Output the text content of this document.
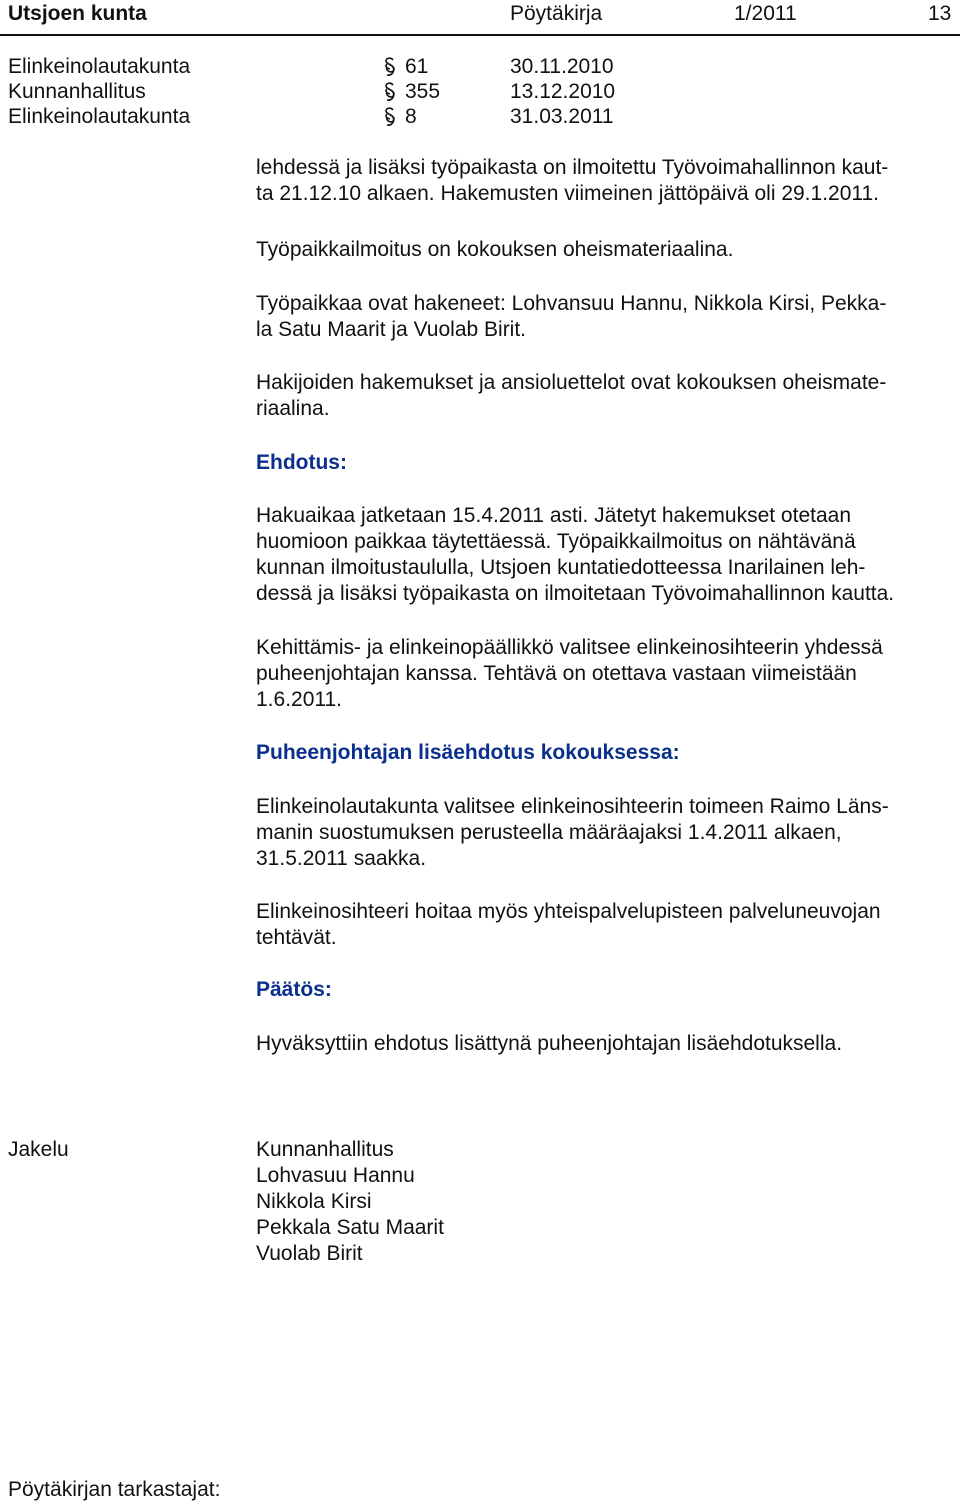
Utsjoen kunta	Pöytäkirja	1/2011	13
Elinkeinolautakunta	61	30.11.2010
Kunnanhallitus	355	13.12.2010
Elinkeinolautakunta	8	31.03.2011

lehdessä ja lisäksi työpaikasta on ilmoitettu Työvoimahallinnon kaut-

ta 21.12.10 alkaen. Hakemusten viimeinen jättöpäivä oli 29.1.2011.

Työpaikkailmoitus on kokouksen oheismateriaalina.

Työpaikkaa ovat hakeneet: Lohvansuu Hannu, Nikkola Kirsi, Pekka-

la Satu Maarit ja Vuolab Birit.

Hakijoiden hakemukset ja ansioluettelot ovat kokouksen oheismate-

riaalina.

Ehdotus:

Hakuaikaa jatketaan 15.4.2011 asti. Jätetyt hakemukset otetaan

huomioon paikkaa täytettäessä. Työpaikkailmoitus on nähtävänä

kunnan ilmoitustaululla, Utsjoen kuntatiedotteessa Inarilainen leh-

dessä ja lisäksi työpaikasta on ilmoitetaan Työvoimahallinnon kautta.

Kehittämis- ja elinkeinopäällikkö valitsee elinkeinosihteerin yhdessä

puheenjohtajan kanssa. Tehtävä on otettava vastaan viimeistään

1.6.2011.

Puheenjohtajan lisäehdotus kokouksessa:

Elinkeinolautakunta valitsee elinkeinosihteerin toimeen Raimo Läns-

manin suostumuksen perusteella määräajaksi 1.4.2011 alkaen,

31.5.2011 saakka.

Elinkeinosihteeri hoitaa myös yhteispalvelupisteen palveluneuvojan

tehtävät.

Päätös:

Hyväksyttiin ehdotus lisättynä puheenjohtajan lisäehdotuksella.

Jakelu	Kunnanhallitus

Lohvasuu Hannu

Nikkola Kirsi

Pekkala Satu Maarit

Vuolab Birit

Pöytäkirjan tarkastajat:
